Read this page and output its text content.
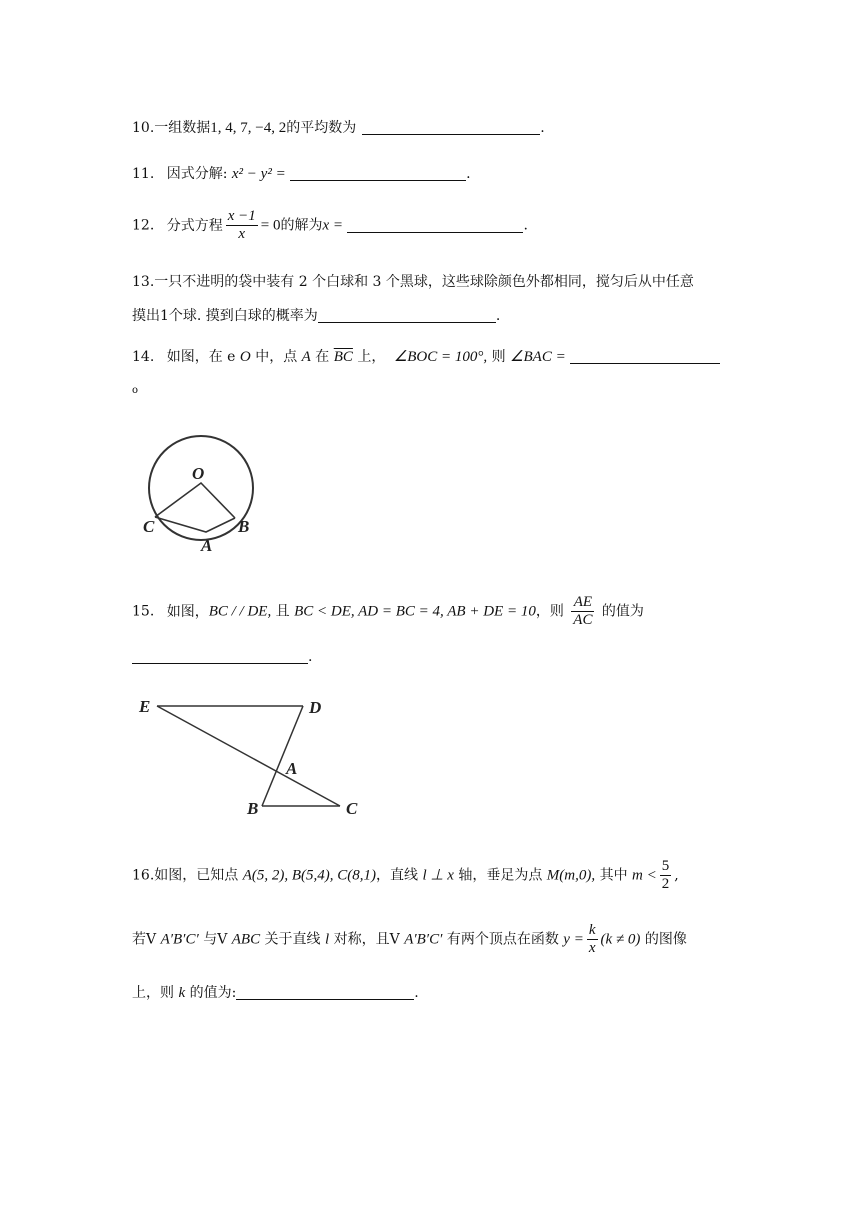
10.一组数据1, 4, 7, −4, 2的平均数为	.
11. 因式分解: x² − y² =	.
12. 分式方程 $\frac{x -1}{x} = 0$的解为x =	.
13.一只不进明的袋中装有 2 个白球和 3 个黑球，这些球除颜色外都相同，搅匀后从中任意
摸出1个球. 摸到白球的概率为	.
14. 如图，在 e O 中，点 A 在 $\overline{BC}$ 上， ∠BOC = 100°, 则 ∠BAC =
o
O
C
A
B
15. 如图，BC / / DE, 且 BC < DE, AD = BC = 4, AB + DE = 10，则 $\frac{AE}{AC}$ 的值为
.
E	D
A
B	C
16.如图，已知点 A(5, 2), B(5,4), C(8,1)，直线 l ⊥ x 轴，垂足为点 M(m,0), 其中 $m < \frac{5}{2}$ ,
若V A′B′C′ 与V ABC 关于直线 l 对称，且V A′B′C′ 有两个顶点在函数 $y = \frac{k}{x} (k \ne 0)$ 的图像
上，则 k 的值为:	.
